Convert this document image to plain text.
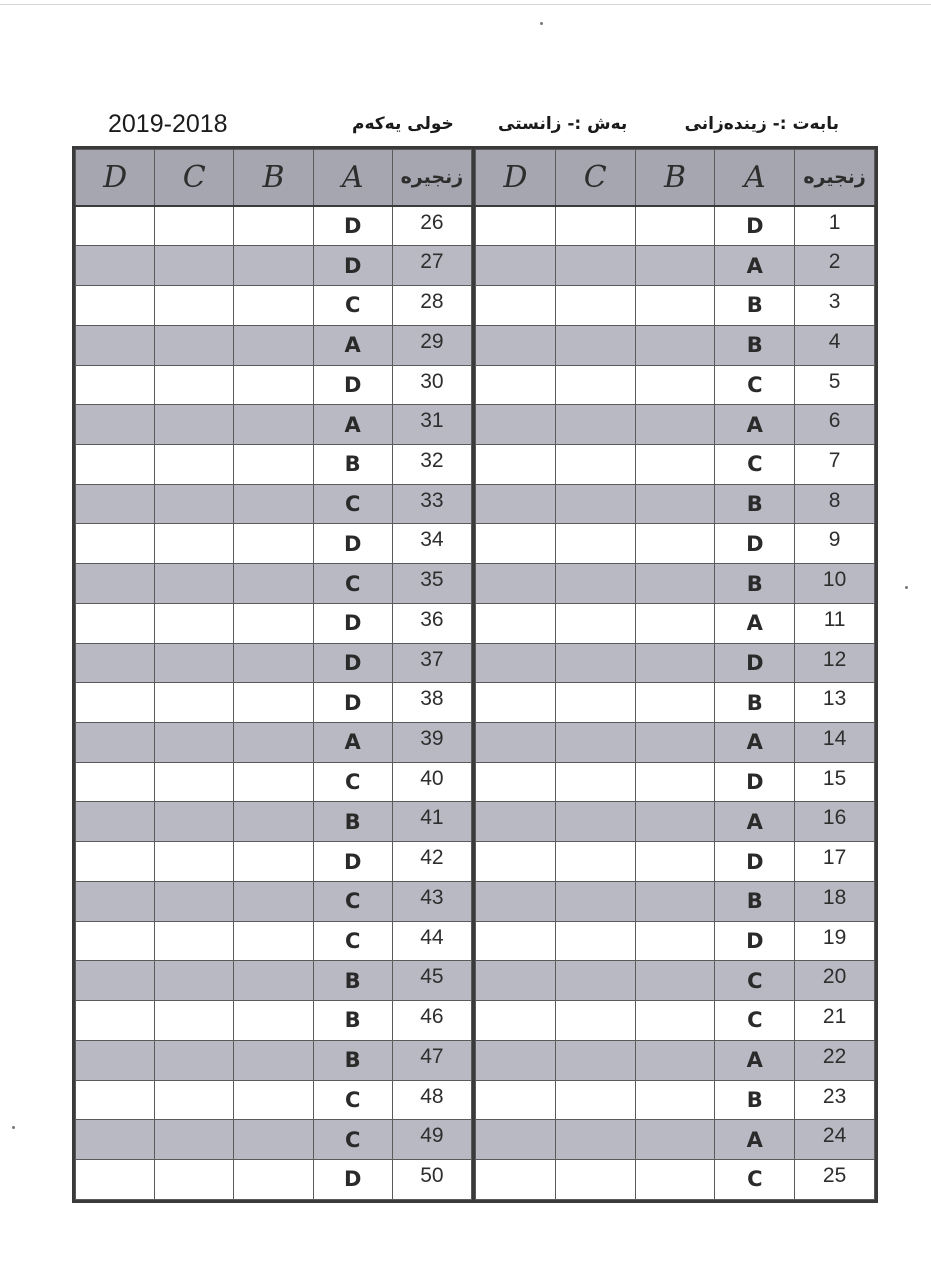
2019-2018	خولی یەکەم	بەش :- زانستی	بابەت :- زیندەزانی
D	C	B	A	زنجیره
			D	26
			D	27
			C	28
			A	29
			D	30
			A	31
			B	32
			C	33
			D	34
			C	35
			D	36
			D	37
			D	38
			A	39
			C	40
			B	41
			D	42
			C	43
			C	44
			B	45
			B	46
			B	47
			C	48
			C	49
			D	50
D	C	B	A	زنجیره
			D	1
			A	2
			B	3
			B	4
			C	5
			A	6
			C	7
			B	8
			D	9
			B	10
			A	11
			D	12
			B	13
			A	14
			D	15
			A	16
			D	17
			B	18
			D	19
			C	20
			C	21
			A	22
			B	23
			A	24
			C	25
